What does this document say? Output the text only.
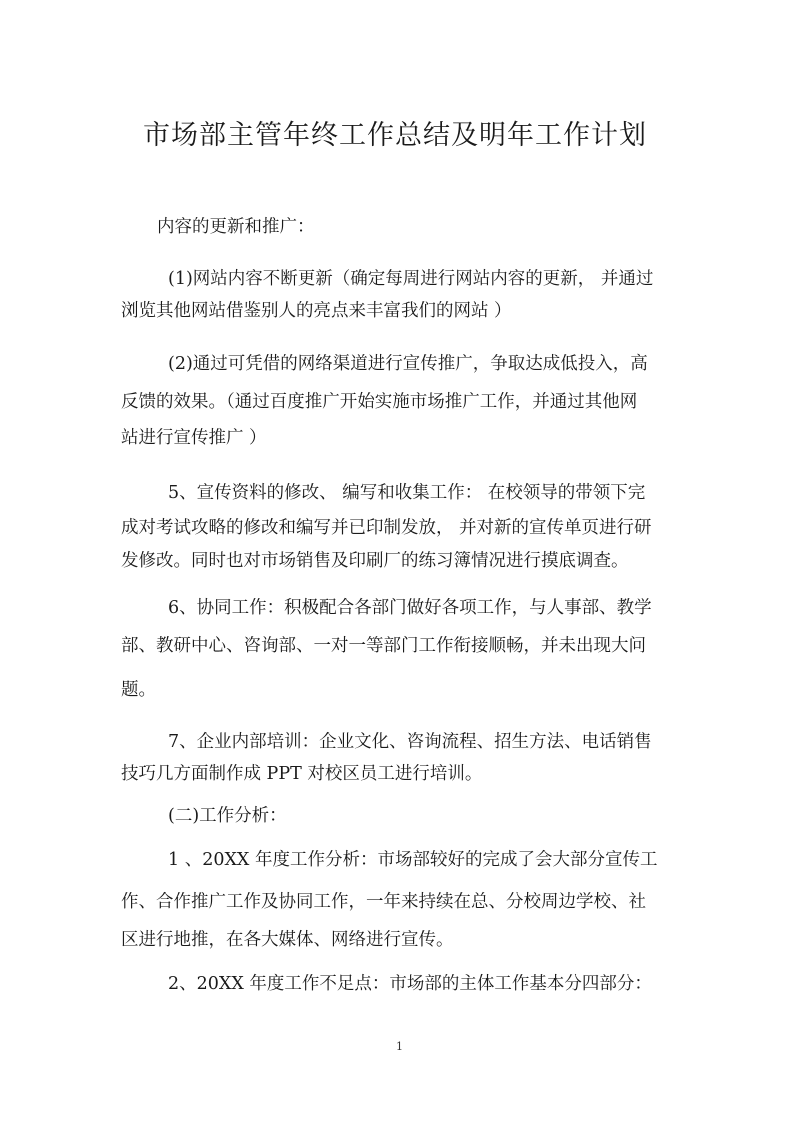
市场部主管年终工作总结及明年工作计划

内容的更新和推广：

(1)网站内容不断更新（确定每周进行网站内容的更新， 并通过

浏览其他网站借鉴别人的亮点来丰富我们的网站 ）

(2)通过可凭借的网络渠道进行宣传推广，争取达成低投入，高

反馈的效果。（通过百度推广开始实施市场推广工作，并通过其他网

站进行宣传推广 ）

5、宣传资料的修改、 编写和收集工作： 在校领导的带领下完

成对考试攻略的修改和编写并已印制发放， 并对新的宣传单页进行研

发修改。同时也对市场销售及印刷厂的练习簿情况进行摸底调查。

6、协同工作：积极配合各部门做好各项工作，与人事部、教学

部、教研中心、咨询部、一对一等部门工作衔接顺畅，并未出现大问

题。

7、企业内部培训：企业文化、咨询流程、招生方法、电话销售

技巧几方面制作成 PPT 对校区员工进行培训。

(二)工作分析：

1 、20XX 年度工作分析：市场部较好的完成了会大部分宣传工

作、合作推广工作及协同工作，一年来持续在总、分校周边学校、社

区进行地推，在各大媒体、网络进行宣传。

2、20XX 年度工作不足点：市场部的主体工作基本分四部分：

1
